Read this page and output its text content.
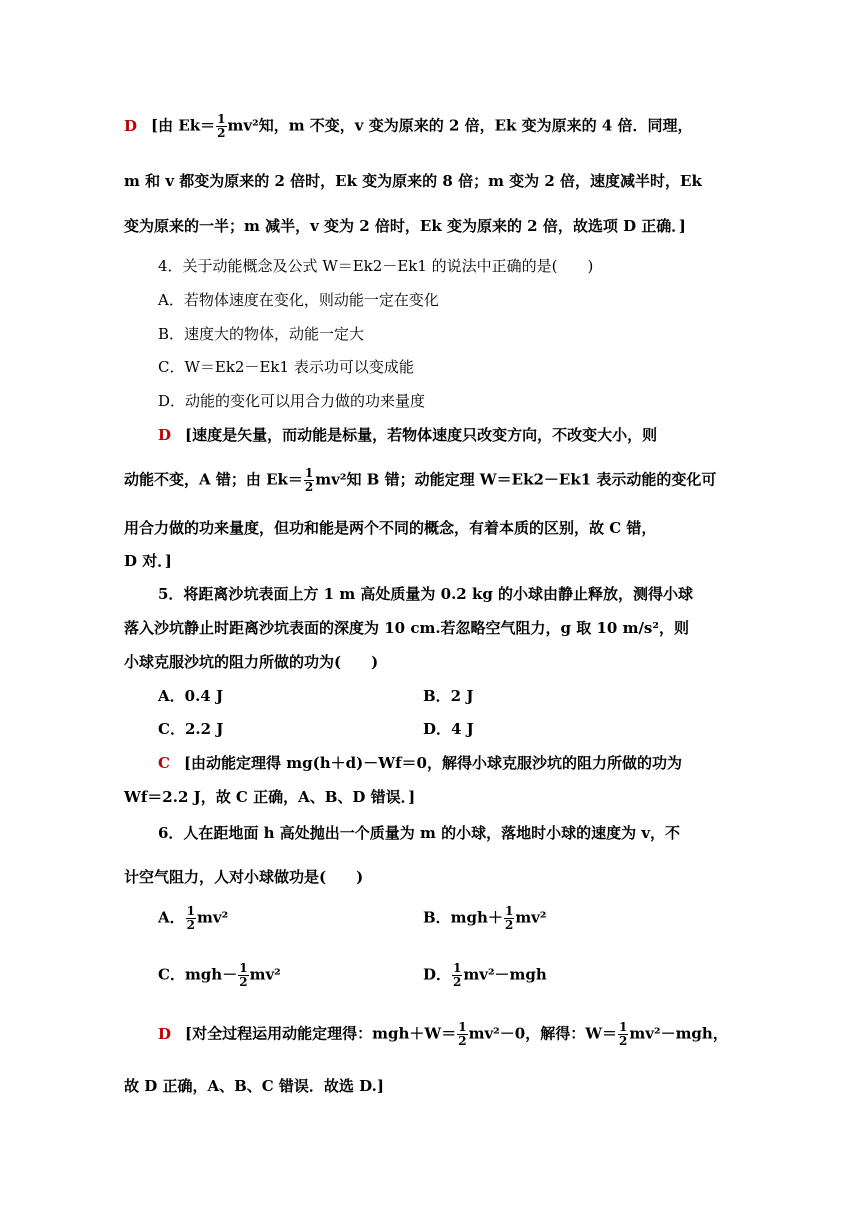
D [由 $Ek= \frac{1}{2} mv^2$知，m 不变，v 变为原来的 2 倍，Ek 变为原来的 4 倍．同理，
m 和 v 都变为原来的 2 倍时，Ek 变为原来的 8 倍；m 变为 2 倍，速度减半时，Ek
变为原来的一半；m 减半，v 变为 2 倍时，Ek 变为原来的 2 倍，故选项 D 正确．]
4．关于动能概念及公式 W＝Ek2－Ek1 的说法中正确的是(　　)
A．若物体速度在变化，则动能一定在变化
B．速度大的物体，动能一定大
C．W＝Ek2－Ek1 表示功可以变成能
D．动能的变化可以用合力做的功来量度
D [速度是矢量，而动能是标量，若物体速度只改变方向，不改变大小，则
动能不变，A 错；由 $Ek= \frac{1}{2} mv^2$知 B 错；动能定理 W＝Ek2－Ek1 表示动能的变化可
用合力做的功来量度，但功和能是两个不同的概念，有着本质的区别，故 C 错，
D 对．]
5．将距离沙坑表面上方 1 m 高处质量为 0.2 kg 的小球由静止释放，测得小球
落入沙坑静止时距离沙坑表面的深度为 10 cm.若忽略空气阻力，g 取 10 m/s²，则
小球克服沙坑的阻力所做的功为(　　)
A．0.4 J	B．2 J
C．2.2 J	D．4 J
C [由动能定理得 mg(h＋d)－Wf＝0，解得小球克服沙坑的阻力所做的功为
Wf＝2.2 J，故 C 正确，A、B、D 错误．]
6．人在距地面 h 高处抛出一个质量为 m 的小球，落地时小球的速度为 v，不
计空气阻力，人对小球做功是(　　)
A． $\frac{1}{2} mv^2$	B．$mgh+ \frac{1}{2} mv^2$
C．$mgh- \frac{1}{2} mv^2$	D． $\frac{1}{2} mv^2-mgh$
D [对全过程运用动能定理得：$mgh+W= \frac{1}{2} mv^2-0$，解得：$W= \frac{1}{2} mv^2-mgh$，
故 D 正确，A、B、C 错误．故选 D.]
